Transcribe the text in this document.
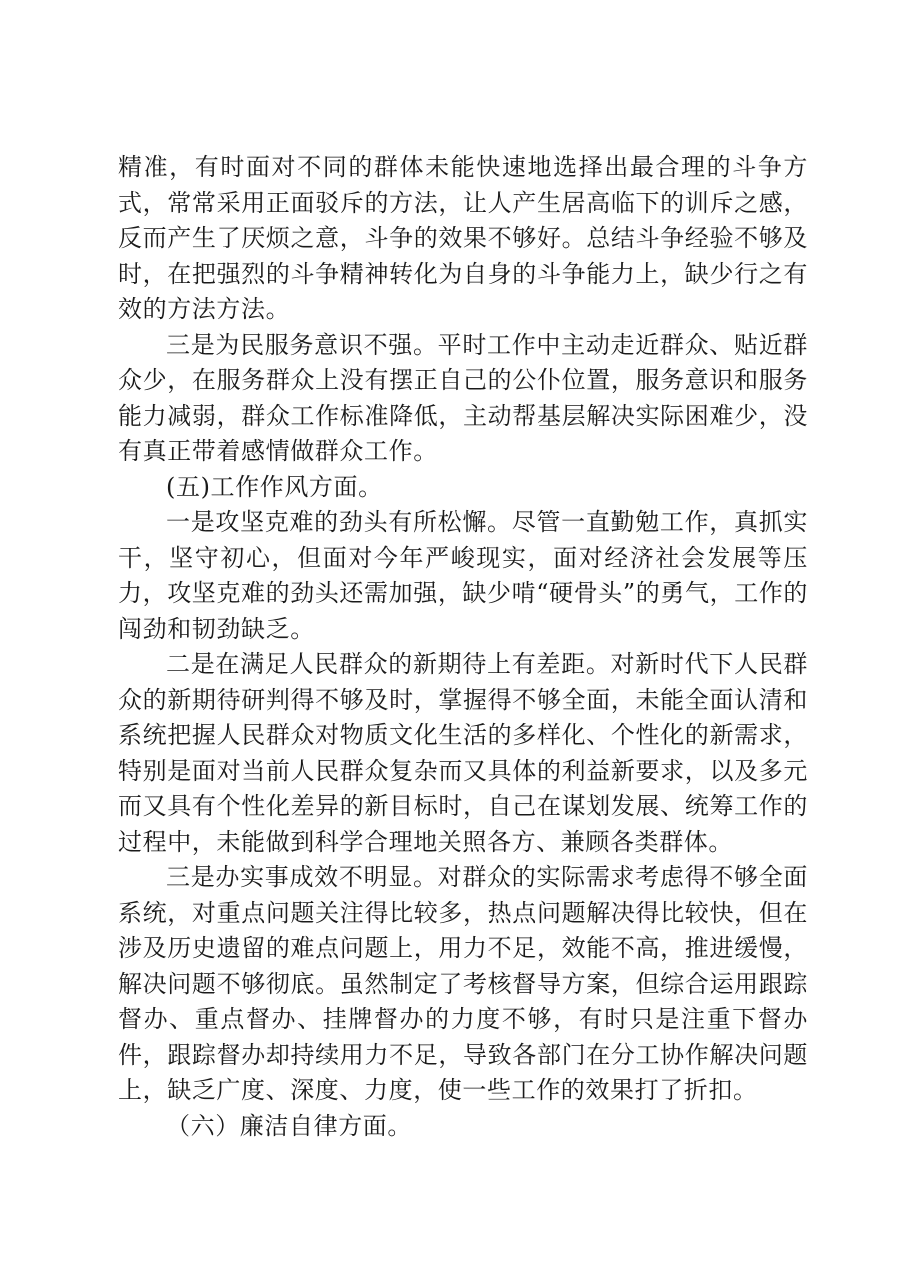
精准，有时面对不同的群体未能快速地选择出最合理的斗争方式，常常采用正面驳斥的方法，让人产生居高临下的训斥之感，反而产生了厌烦之意，斗争的效果不够好。总结斗争经验不够及时，在把强烈的斗争精神转化为自身的斗争能力上，缺少行之有效的方法方法。

三是为民服务意识不强。平时工作中主动走近群众、贴近群众少，在服务群众上没有摆正自己的公仆位置，服务意识和服务能力减弱，群众工作标准降低，主动帮基层解决实际困难少，没有真正带着感情做群众工作。

(五)工作作风方面。

一是攻坚克难的劲头有所松懈。尽管一直勤勉工作，真抓实干，坚守初心，但面对今年严峻现实，面对经济社会发展等压力，攻坚克难的劲头还需加强，缺少啃“硬骨头”的勇气，工作的闯劲和韧劲缺乏。

二是在满足人民群众的新期待上有差距。对新时代下人民群众的新期待研判得不够及时，掌握得不够全面，未能全面认清和系统把握人民群众对物质文化生活的多样化、个性化的新需求，特别是面对当前人民群众复杂而又具体的利益新要求，以及多元而又具有个性化差异的新目标时，自己在谋划发展、统筹工作的过程中，未能做到科学合理地关照各方、兼顾各类群体。

三是办实事成效不明显。对群众的实际需求考虑得不够全面系统，对重点问题关注得比较多，热点问题解决得比较快，但在涉及历史遗留的难点问题上，用力不足，效能不高，推进缓慢，解决问题不够彻底。虽然制定了考核督导方案，但综合运用跟踪督办、重点督办、挂牌督办的力度不够，有时只是注重下督办件，跟踪督办却持续用力不足，导致各部门在分工协作解决问题上，缺乏广度、深度、力度，使一些工作的效果打了折扣。

（六）廉洁自律方面。
